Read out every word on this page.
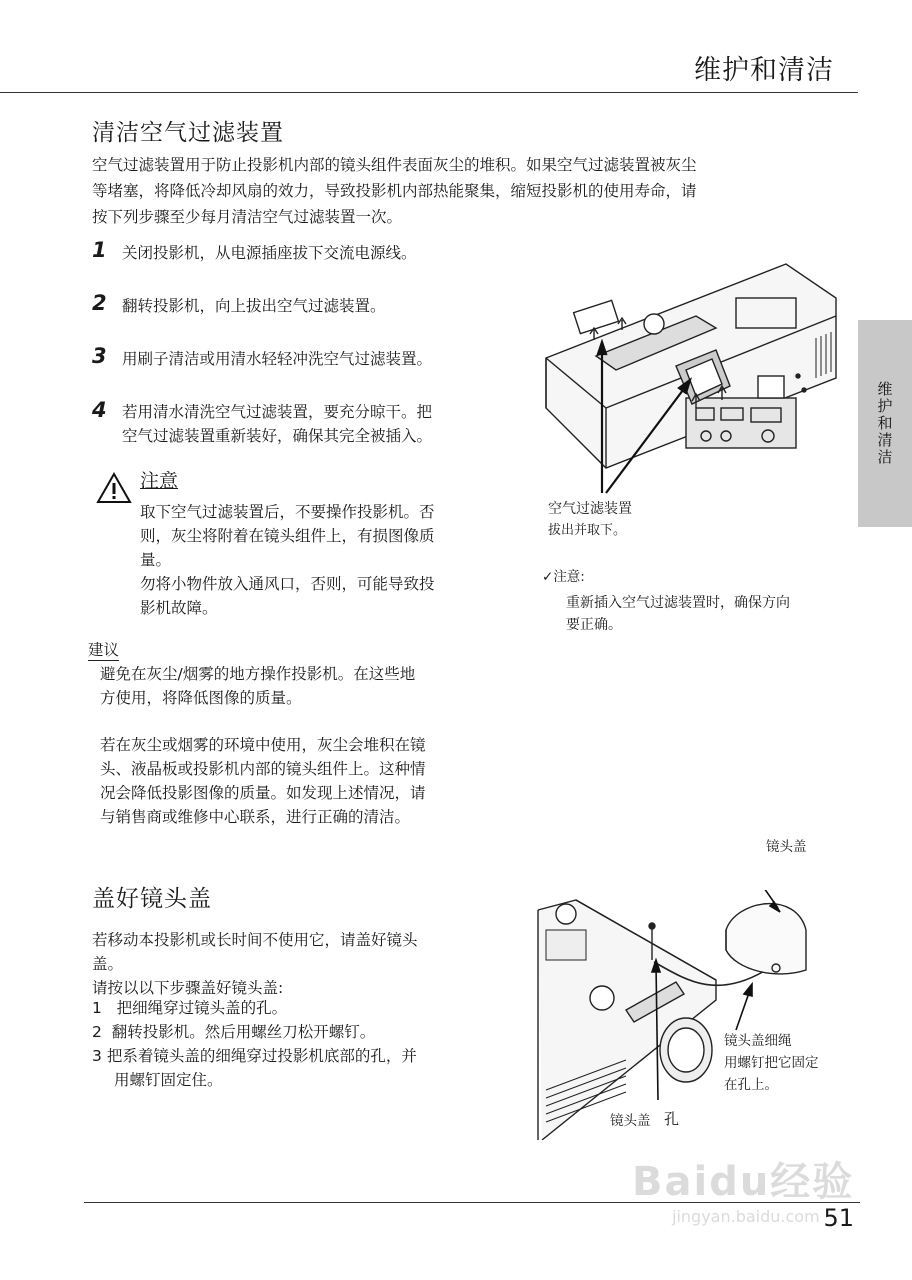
维护和清洁
维护和清洁
清洁空气过滤装置
空气过滤装置用于防止投影机内部的镜头组件表面灰尘的堆积。如果空气过滤装置被灰尘
等堵塞，将降低冷却风扇的效力，导致投影机内部热能聚集，缩短投影机的使用寿命，请
按下列步骤至少每月清洁空气过滤装置一次。
1 关闭投影机，从电源插座拔下交流电源线。
2 翻转投影机，向上拔出空气过滤装置。
3 用刷子清洁或用清水轻轻冲洗空气过滤装置。
4 若用清水清洗空气过滤装置，要充分晾干。把
空气过滤装置重新装好，确保其完全被插入。
注意
取下空气过滤装置后，不要操作投影机。否
则，灰尘将附着在镜头组件上，有损图像质
量。
勿将小物件放入通风口，否则，可能导致投
影机故障。
建议
避免在灰尘/烟雾的地方操作投影机。在这些地
方使用，将降低图像的质量。
若在灰尘或烟雾的环境中使用，灰尘会堆积在镜
头、液晶板或投影机内部的镜头组件上。这种情
况会降低投影图像的质量。如发现上述情况，请
与销售商或维修中心联系，进行正确的清洁。
空气过滤装置
拔出并取下。
✓注意:
重新插入空气过滤装置时，确保方向
要正确。
盖好镜头盖
若移动本投影机或长时间不使用它，请盖好镜头
盖。
请按以以下步骤盖好镜头盖:
1 把细绳穿过镜头盖的孔。
2 翻转投影机。然后用螺丝刀松开螺钉。
3 把系着镜头盖的细绳穿过投影机底部的孔，并
用螺钉固定住。
镜头盖
镜头盖细绳
用螺钉把它固定
在孔上。
镜头盖 孔
51
Baidu经验
jingyan.baidu.com
